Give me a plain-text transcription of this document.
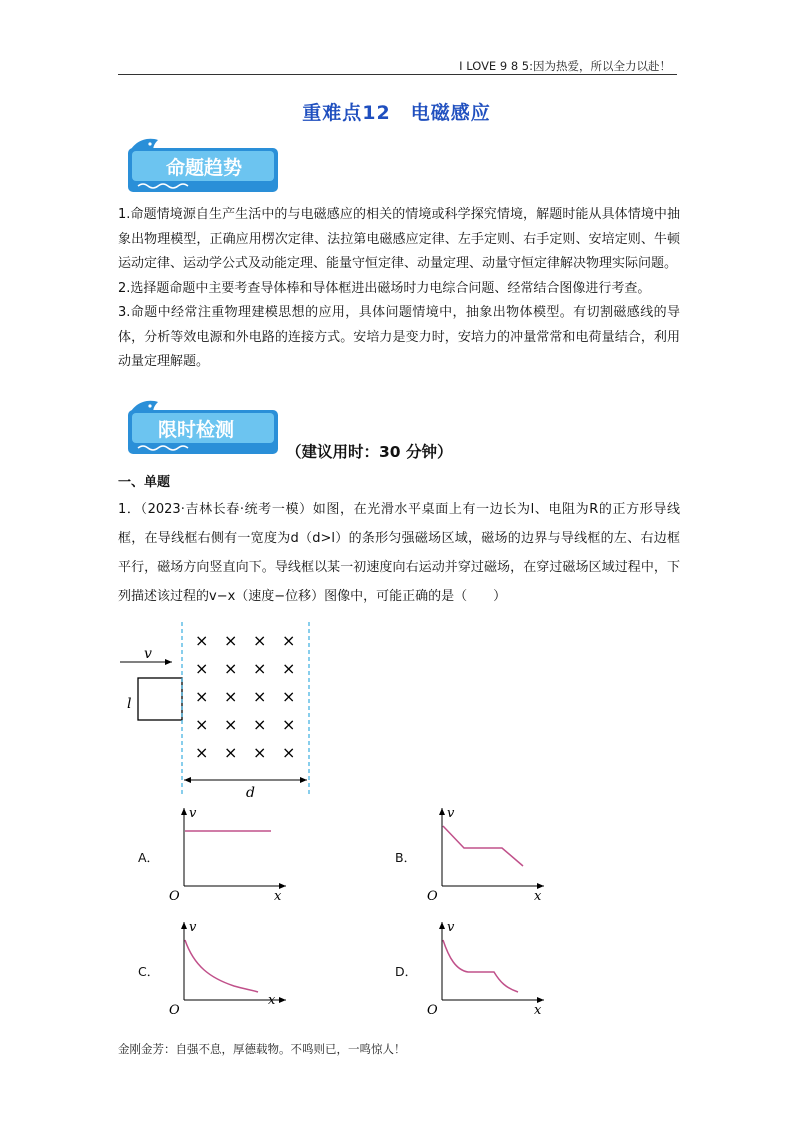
I LOVE 9 8 5:因为热爱，所以全力以赴！
重难点12　电磁感应
命题趋势

1.命题情境源自生产生活中的与电磁感应的相关的情境或科学探究情境，解题时能从具体情境中抽象出物理模型，正确应用楞次定律、法拉第电磁感应定律、左手定则、右手定则、安培定则、牛顿运动定律、运动学公式及动能定理、能量守恒定律、动量定理、动量守恒定律解决物理实际问题。

2.选择题命题中主要考查导体棒和导体框进出磁场时力电综合问题、经常结合图像进行考查。

3.命题中经常注重物理建模思想的应用，具体问题情境中，抽象出物体模型。有切割磁感线的导体，分析等效电源和外电路的连接方式。安培力是变力时，安培力的冲量常常和电荷量结合，利用动量定理解题。

限时检测
（建议用时：30 分钟）
一、单题

1．（2023·吉林长春·统考一模）如图，在光滑水平桌面上有一边长为l、电阻为R的正方形导线框，在导线框右侧有一宽度为d（d>l）的条形匀强磁场区域，磁场的边界与导线框的左、右边框平行，磁场方向竖直向下。导线框以某一初速度向右运动并穿过磁场，在穿过磁场区域过程中，下列描述该过程的v−x（速度−位移）图像中，可能正确的是（　　）

v
l
× × × ×
× × × ×
× × × ×
× × × ×
× × × ×
d
A．
v
x
O
B．
v
x
O
C．
v
x
O
D．
v
x
O
金刚金芳：自强不息，厚德载物。不鸣则已，一鸣惊人！
